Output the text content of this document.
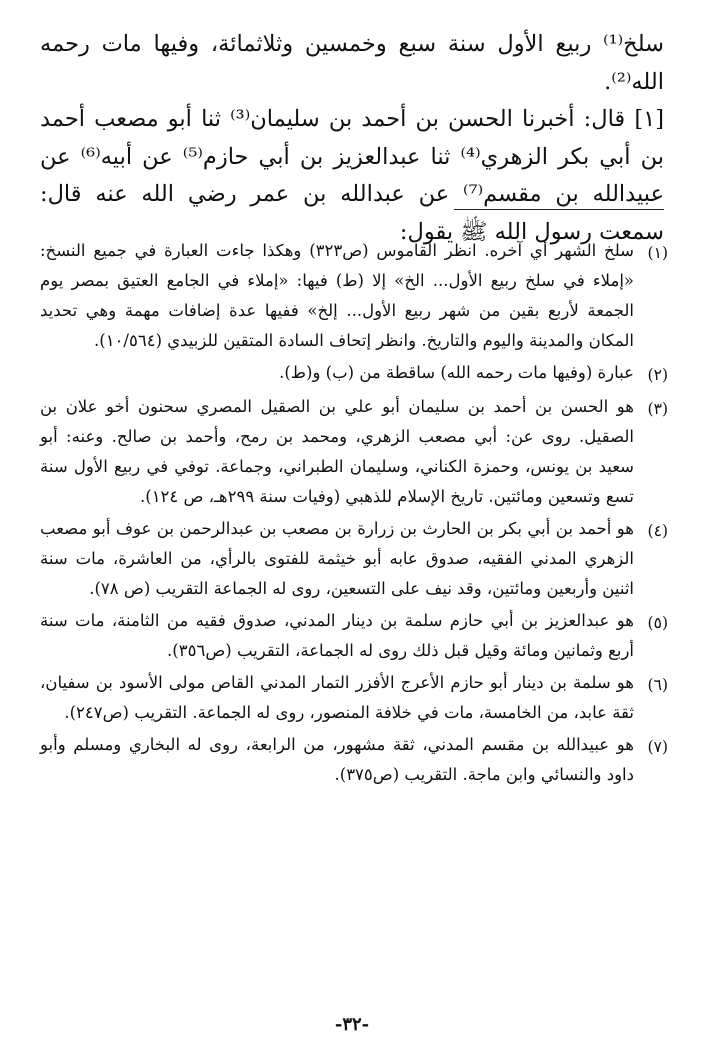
سلخ⁽¹⁾ ربيع الأول سنة سبع وخمسين وثلاثمائة، وفيها مات رحمه الله⁽²⁾.

[١] قال: أخبرنا الحسن بن أحمد بن سليمان⁽³⁾ ثنا أبو مصعب أحمد بن أبي بكر الزهري⁽⁴⁾ ثنا عبدالعزيز بن أبي حازم⁽⁵⁾ عن أبيه⁽⁶⁾ عن عبيدالله بن مقسم⁽⁷⁾ عن عبدالله بن عمر رضي الله عنه قال: سمعت رسول الله ﷺ يقول:

(١)
سلخ الشهر أي آخره. انظر القاموس (ص٣٢٣) وهكذا جاءت العبارة في جميع النسخ: «إملاء في سلخ ربيع الأول... الخ» إلا (ط) فيها: «إملاء في الجامع العتيق بمصر يوم الجمعة لأربع بقين من شهر ربيع الأول... إلخ» ففيها عدة إضافات مهمة وهي تحديد المكان والمدينة واليوم والتاريخ. وانظر إتحاف السادة المتقين للزبيدي (١٠/٥٦٤).
(٢)
عبارة (وفيها مات رحمه الله) ساقطة من (ب) و(ط).
(٣)
هو الحسن بن أحمد بن سليمان أبو علي بن الصقيل المصري سحنون أخو علان بن الصقيل. روى عن: أبي مصعب الزهري، ومحمد بن رمح، وأحمد بن صالح. وعنه: أبو سعيد بن يونس، وحمزة الكناني، وسليمان الطبراني، وجماعة. توفي في ربيع الأول سنة تسع وتسعين ومائتين. تاريخ الإسلام للذهبي (وفيات سنة ٢٩٩هـ، ص ١٢٤).
(٤)
هو أحمد بن أبي بكر بن الحارث بن زرارة بن مصعب بن عبدالرحمن بن عوف أبو مصعب الزهري المدني الفقيه، صدوق عابه أبو خيثمة للفتوى بالرأي، من العاشرة، مات سنة اثنين وأربعين ومائتين، وقد نيف على التسعين، روى له الجماعة التقريب (ص ٧٨).
(٥)
هو عبدالعزيز بن أبي حازم سلمة بن دينار المدني، صدوق فقيه من الثامنة، مات سنة أربع وثمانين ومائة وقيل قبل ذلك روى له الجماعة، التقريب (ص٣٥٦).
(٦)
هو سلمة بن دينار أبو حازم الأعرج الأفزر التمار المدني القاص مولى الأسود بن سفيان، ثقة عابد، من الخامسة، مات في خلافة المنصور، روى له الجماعة. التقريب (ص٢٤٧).
(٧)
هو عبيدالله بن مقسم المدني، ثقة مشهور، من الرابعة، روى له البخاري ومسلم وأبو داود والنسائي وابن ماجة. التقريب (ص٣٧٥).
-٣٢-
